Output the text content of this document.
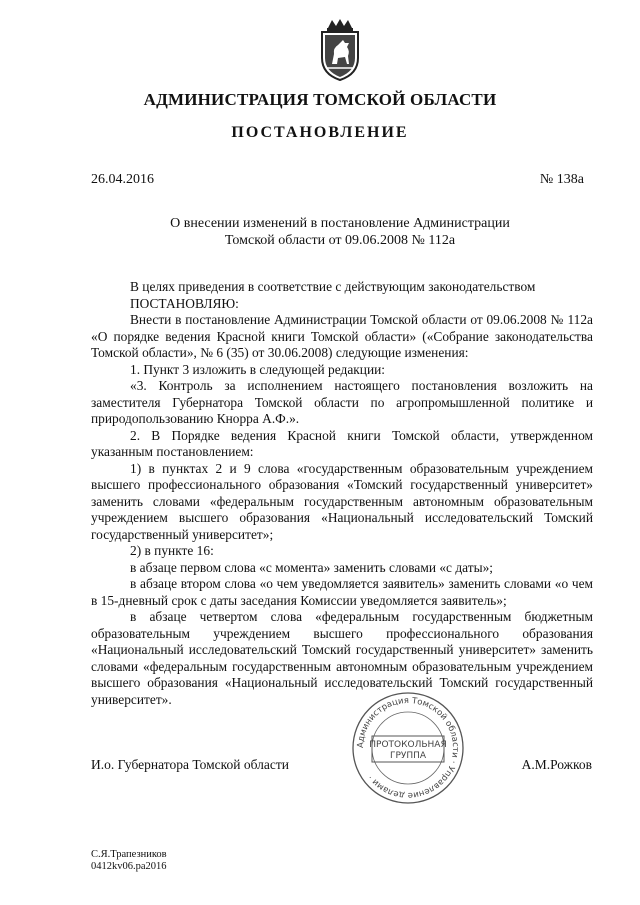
АДМИНИСТРАЦИЯ ТОМСКОЙ ОБЛАСТИ
ПОСТАНОВЛЕНИЕ
26.04.2016	№ 138а
О внесении изменений в постановление Администрации
Томской области от 09.06.2008 № 112а

В целях приведения в соответствие с действующим законодательством

ПОСТАНОВЛЯЮ:

Внести в постановление Администрации Томской области от 09.06.2008 № 112а «О порядке ведения Красной книги Томской области» («Собрание законодательства Томской области», № 6 (35) от 30.06.2008) следующие изменения:

1. Пункт 3 изложить в следующей редакции:

«3. Контроль за исполнением настоящего постановления возложить на заместителя Губернатора Томской области по агропромышленной политике и природопользованию Кнорра А.Ф.».

2. В Порядке ведения Красной книги Томской области, утвержденном указанным постановлением:

1) в пунктах 2 и 9 слова «государственным образовательным учреждением высшего профессионального образования «Томский государственный университет» заменить словами «федеральным государственным автономным образовательным учреждением высшего образования «Национальный исследовательский Томский государственный университет»;

2) в пункте 16:

в абзаце первом слова «с момента» заменить словами «с даты»;

в абзаце втором слова «о чем уведомляется заявитель» заменить словами «о чем в 15-дневный срок с даты заседания Комиссии уведомляется заявитель»;

в абзаце четвертом слова «федеральным государственным бюджетным образовательным учреждением высшего профессионального образования «Национальный исследовательский Томский государственный университет» заменить словами «федеральным государственным автономным образовательным учреждением высшего образования «Национальный исследовательский Томский государственный университет».

Администрация Томской области · Управление делами ·
ПРОТОКОЛЬНАЯ
ГРУППА
И.о. Губернатора Томской области	А.М.Рожков
С.Я.Трапезников
0412kv06.pa2016
